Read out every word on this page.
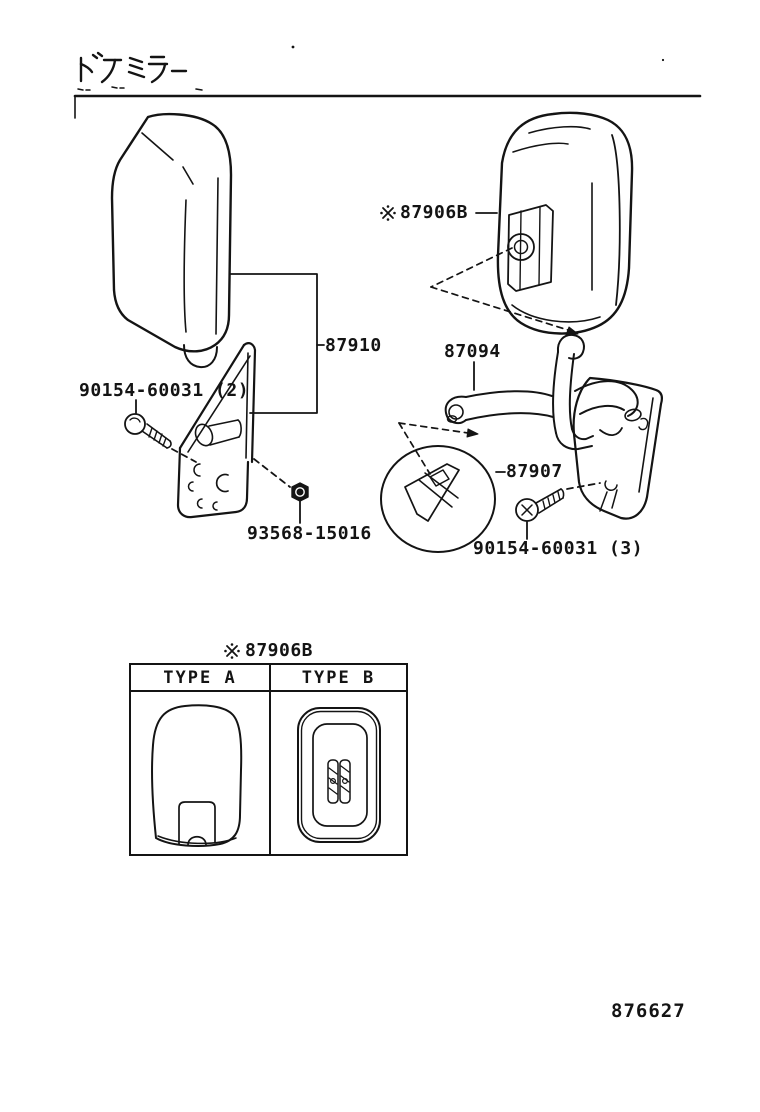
87910
90154-60031 (2)
93568-15016
87906B
87094
87907
90154-60031 (3)
87906B
TYPE A	TYPE B
876627
